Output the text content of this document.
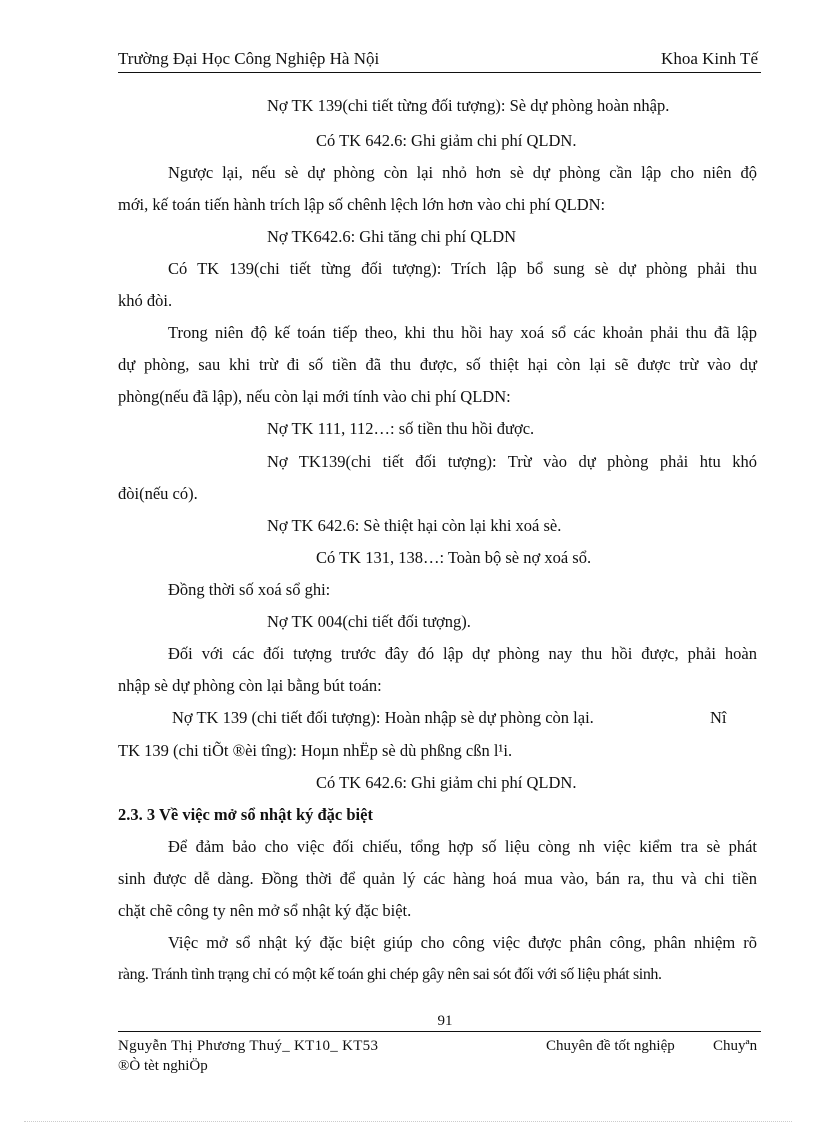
Trường Đại Học Công Nghiệp Hà Nội	Khoa Kinh Tế
Nợ TK 139(chi tiết từng đối tượng): Sè dự phòng hoàn nhập.
Có TK 642.6: Ghi giảm chi phí QLDN.
Ngược lại, nếu sè dự phòng còn lại nhỏ hơn sè dự phòng cần lập cho niên độ
mới, kế toán tiến hành trích lập số chênh lệch lớn hơn vào chi phí QLDN:
Nợ TK642.6: Ghi tăng chi phí QLDN
Có TK 139(chi tiết từng đối tượng): Trích lập bổ sung sè dự phòng phải thu
khó đòi.
Trong niên độ kế toán tiếp theo, khi thu hồi hay xoá sổ các khoản phải thu đã lập
dự phòng, sau khi trừ đi số tiền đã thu được, số thiệt hại còn lại sẽ được trừ vào dự
phòng(nếu đã lập), nếu còn lại mới tính vào chi phí QLDN:
Nợ TK 111, 112…: số tiền thu hồi được.
Nợ TK139(chi tiết đối tượng): Trừ vào dự phòng phải htu khó
đòi(nếu có).
Nợ TK 642.6: Sè thiệt hại còn lại khi xoá sè.
Có TK 131, 138…: Toàn bộ sè nợ xoá sổ.
Đồng thời số xoá sổ ghi:
Nợ TK 004(chi tiết đối tượng).
Đối với các đối tượng trước đây đó lập dự phòng nay thu hồi được, phải hoàn
nhập sè dự phòng còn lại bằng bút toán:
Nợ TK 139 (chi tiết đối tượng): Hoàn nhập sè dự phòng còn lại.	Nî
TK 139 (chi tiÕt ®èi tîng): Hoµn nhËp sè dù phßng cßn l¹i.
Có TK 642.6: Ghi giảm chi phí QLDN.
2.3. 3 Về việc mở sổ nhật ký đặc biệt
Để đảm bảo cho việc đối chiếu, tổng hợp số liệu còng nh việc kiểm tra sè phát
sinh được dễ dàng. Đồng thời để quản lý các hàng hoá mua vào, bán ra, thu và chi tiền
chặt chẽ công ty nên mở sổ nhật ký đặc biệt.
Việc mở sổ nhật ký đặc biệt giúp cho công việc được phân công, phân nhiệm rõ
ràng. Tránh tình trạng chỉ có một kế toán ghi chép gây nên sai sót đối với số liệu phát sinh.
91
Nguyễn Thị Phương Thuý_ KT10_ KT53	Chuyên đề tốt nghiệp	Chuyªn
®Ò tèt nghiÖp
